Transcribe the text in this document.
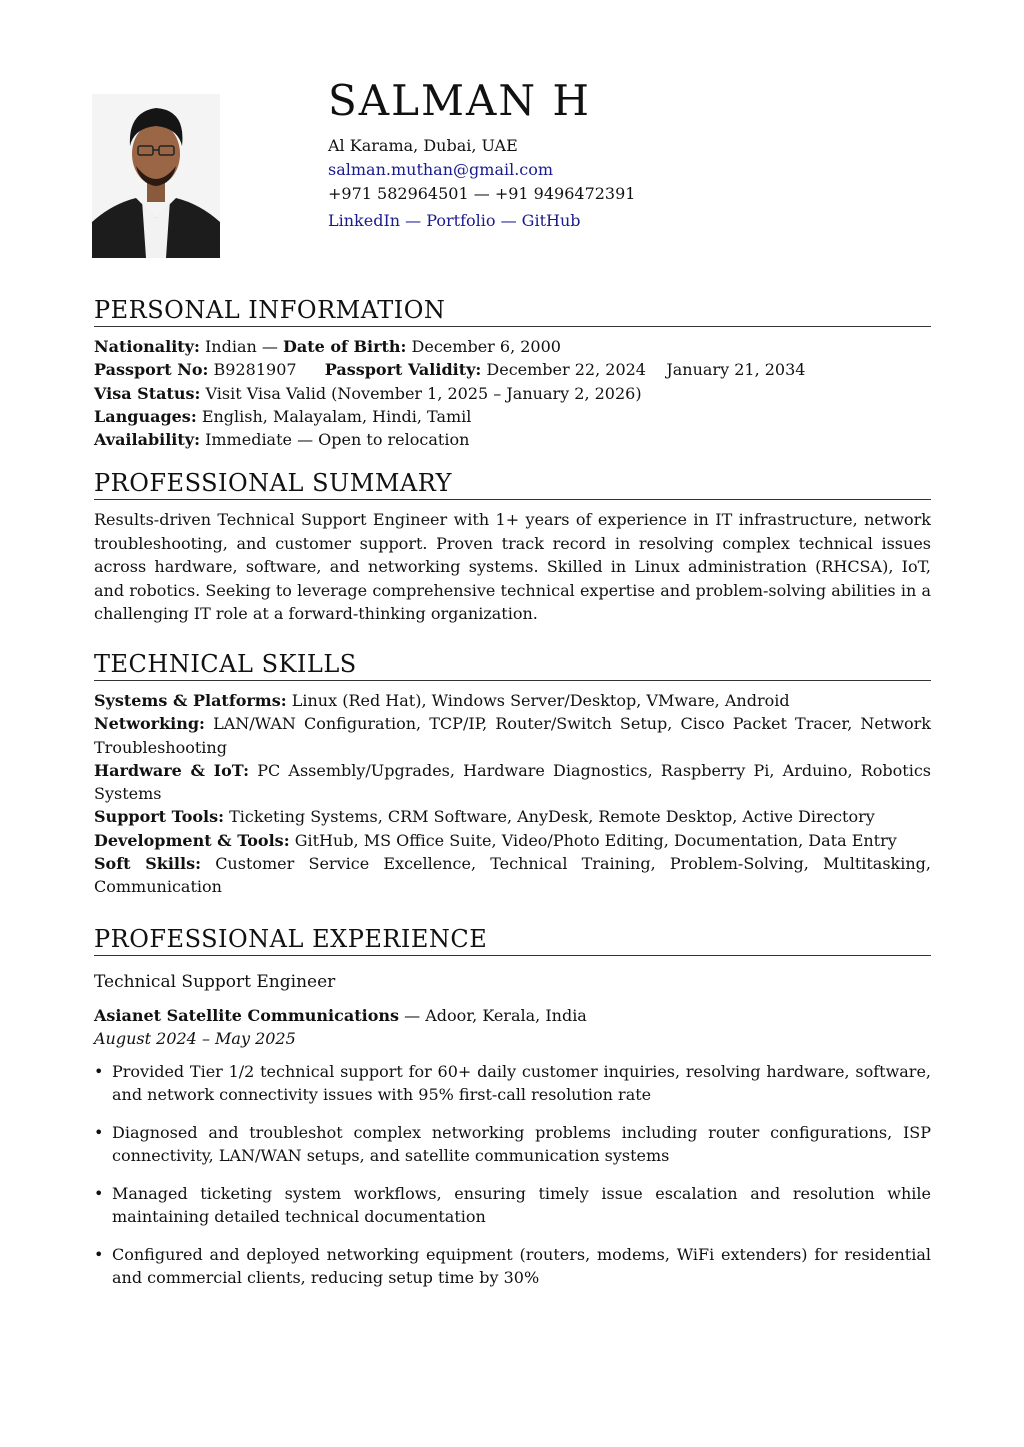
SALMAN H
Al Karama, Dubai, UAE
salman.muthan@gmail.com
+971 582964501 — +91 9496472391
LinkedIn — Portfolio — GitHub
PERSONAL INFORMATION
Nationality: Indian — Date of Birth: December 6, 2000
Passport No: B9281907 Passport Validity: December 22, 2024    January 21, 2034
Visa Status: Visit Visa Valid (November 1, 2025 – January 2, 2026)
Languages: English, Malayalam, Hindi, Tamil
Availability: Immediate — Open to relocation
PROFESSIONAL SUMMARY

Results-driven Technical Support Engineer with 1+ years of experience in IT infrastructure, network troubleshooting, and customer support. Proven track record in resolving complex technical issues across hardware, software, and networking systems. Skilled in Linux administration (RHCSA), IoT, and robotics. Seeking to leverage comprehensive technical expertise and problem-solving abilities in a challenging IT role at a forward-thinking organization.

TECHNICAL SKILLS
Systems & Platforms: Linux (Red Hat), Windows Server/Desktop, VMware, Android
Networking: LAN/WAN Configuration, TCP/IP, Router/Switch Setup, Cisco Packet Tracer, Network Troubleshooting
Hardware & IoT: PC Assembly/Upgrades, Hardware Diagnostics, Raspberry Pi, Arduino, Robotics Systems
Support Tools: Ticketing Systems, CRM Software, AnyDesk, Remote Desktop, Active Directory
Development & Tools: GitHub, MS Office Suite, Video/Photo Editing, Documentation, Data Entry
Soft Skills: Customer Service Excellence, Technical Training, Problem-Solving, Multitasking, Communication
PROFESSIONAL EXPERIENCE
Technical Support Engineer
Asianet Satellite Communications — Adoor, Kerala, India
August 2024 – May 2025
• Provided Tier 1/2 technical support for 60+ daily customer inquiries, resolving hardware, software, and network connectivity issues with 95% first-call resolution rate
• Diagnosed and troubleshot complex networking problems including router configurations, ISP connectivity, LAN/WAN setups, and satellite communication systems
• Managed ticketing system workflows, ensuring timely issue escalation and resolution while maintaining detailed technical documentation
• Configured and deployed networking equipment (routers, modems, WiFi extenders) for residential and commercial clients, reducing setup time by 30%
